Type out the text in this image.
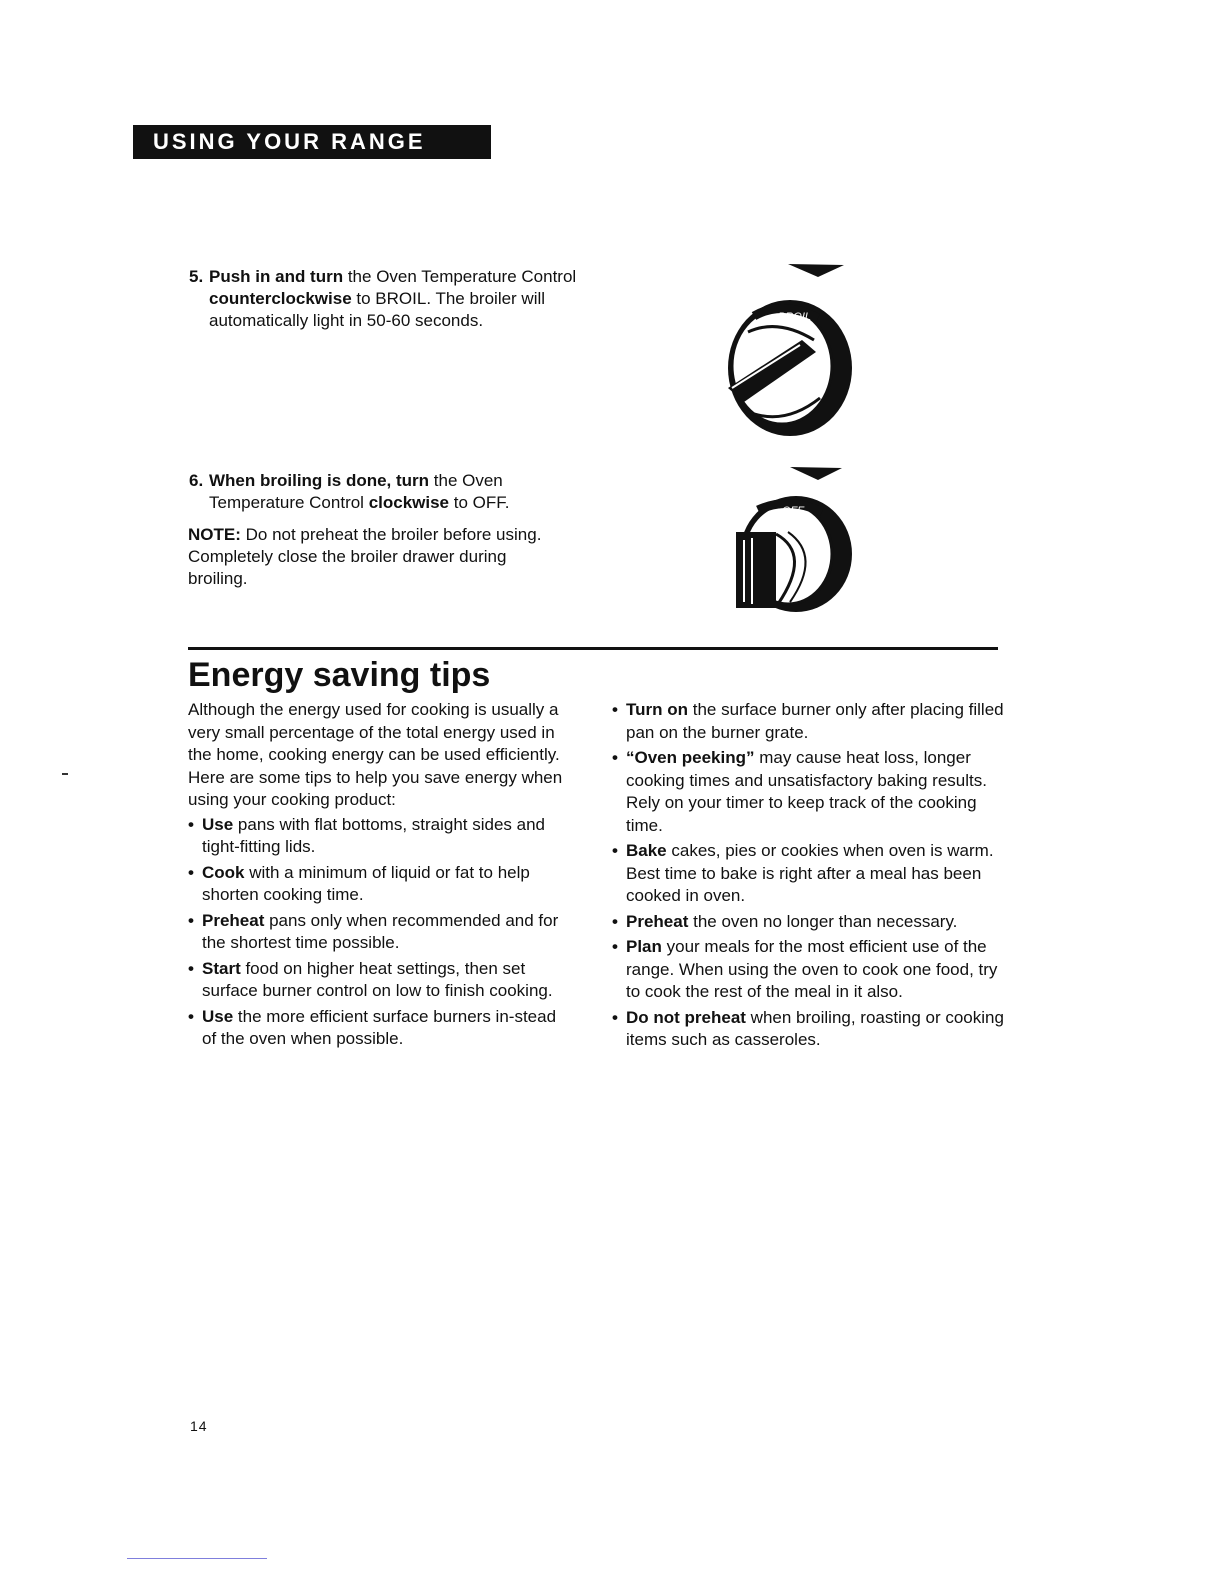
USING YOUR RANGE
5. Push in and turn the Oven Temperature Control counterclockwise to BROIL. The broiler will automatically light in 50-60 seconds.
6. When broiling is done, turn the Oven Temperature Control clockwise to OFF.
NOTE: Do not preheat the broiler before using. Completely close the broiler drawer during broiling.
BROIL
OFF
Energy saving tips

Although the energy used for cooking is usually a very small percentage of the total energy used in the home, cooking energy can be used efficiently. Here are some tips to help you save energy when using your cooking product:

• Use pans with flat bottoms, straight sides and tight-fitting lids.
• Cook with a minimum of liquid or fat to help shorten cooking time.
• Preheat pans only when recommended and for the shortest time possible.
• Start food on higher heat settings, then set surface burner control on low to finish cooking.
• Use the more efficient surface burners in-stead of the oven when possible.
• Turn on the surface burner only after placing filled pan on the burner grate.
• “Oven peeking” may cause heat loss, longer cooking times and unsatisfactory baking results. Rely on your timer to keep track of the cooking time.
• Bake cakes, pies or cookies when oven is warm. Best time to bake is right after a meal has been cooked in oven.
• Preheat the oven no longer than necessary.
• Plan your meals for the most efficient use of the range. When using the oven to cook one food, try to cook the rest of the meal in it also.
• Do not preheat when broiling, roasting or cooking items such as casseroles.
14
